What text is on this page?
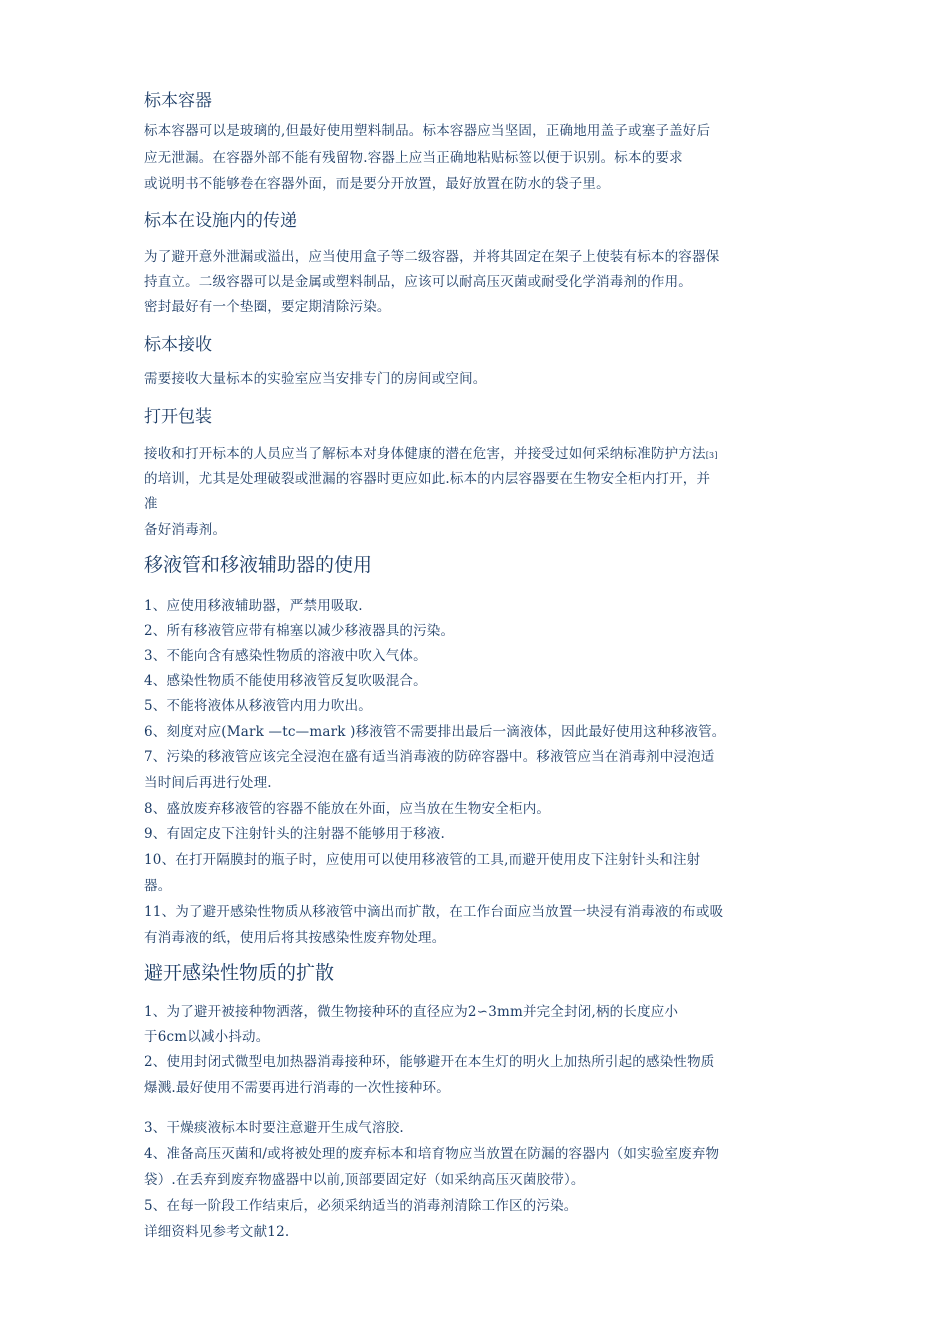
标本容器
标本容器可以是玻璃的,但最好使用塑料制品。标本容器应当坚固，正确地用盖子或塞子盖好后
应无泄漏。在容器外部不能有残留物.容器上应当正确地粘贴标签以便于识别。标本的要求
或说明书不能够卷在容器外面，而是要分开放置，最好放置在防水的袋子里。
标本在设施内的传递
为了避开意外泄漏或溢出，应当使用盒子等二级容器，并将其固定在架子上使装有标本的容器保
持直立。二级容器可以是金属或塑料制品，应该可以耐高压灭菌或耐受化学消毒剂的作用。
密封最好有一个垫圈，要定期清除污染。
标本接收
需要接收大量标本的实验室应当安排专门的房间或空间。
打开包装
接收和打开标本的人员应当了解标本对身体健康的潜在危害，并接受过如何采纳标准防护方法[3]
的培训，尤其是处理破裂或泄漏的容器时更应如此.标本的内层容器要在生物安全柜内打开，并
准
备好消毒剂。
移液管和移液辅助器的使用
1、应使用移液辅助器，严禁用吸取.
2、所有移液管应带有棉塞以减少移液器具的污染。
3、不能向含有感染性物质的溶液中吹入气体。
4、感染性物质不能使用移液管反复吹吸混合。
5、不能将液体从移液管内用力吹出。
6、刻度对应(Mark —tc—mark )移液管不需要排出最后一滴液体，因此最好使用这种移液管。
7、污染的移液管应该完全浸泡在盛有适当消毒液的防碎容器中。移液管应当在消毒剂中浸泡适
当时间后再进行处理.
8、盛放废弃移液管的容器不能放在外面，应当放在生物安全柜内。
9、有固定皮下注射针头的注射器不能够用于移液.
10、在打开隔膜封的瓶子时，应使用可以使用移液管的工具,而避开使用皮下注射针头和注射
器。
11、为了避开感染性物质从移液管中滴出而扩散，在工作台面应当放置一块浸有消毒液的布或吸
有消毒液的纸，使用后将其按感染性废弃物处理。
避开感染性物质的扩散
1、为了避开被接种物洒落，微生物接种环的直径应为2∽3mm并完全封闭,柄的长度应小
于6cm以减小抖动。
2、使用封闭式微型电加热器消毒接种环，能够避开在本生灯的明火上加热所引起的感染性物质
爆溅.最好使用不需要再进行消毒的一次性接种环。
3、干燥痰液标本时要注意避开生成气溶胶.
4、准备高压灭菌和/或将被处理的废弃标本和培育物应当放置在防漏的容器内（如实验室废弃物
袋）.在丢弃到废弃物盛器中以前,顶部要固定好（如采纳高压灭菌胶带）。
5、在每一阶段工作结束后，必须采纳适当的消毒剂清除工作区的污染。
详细资料见参考文献12.
